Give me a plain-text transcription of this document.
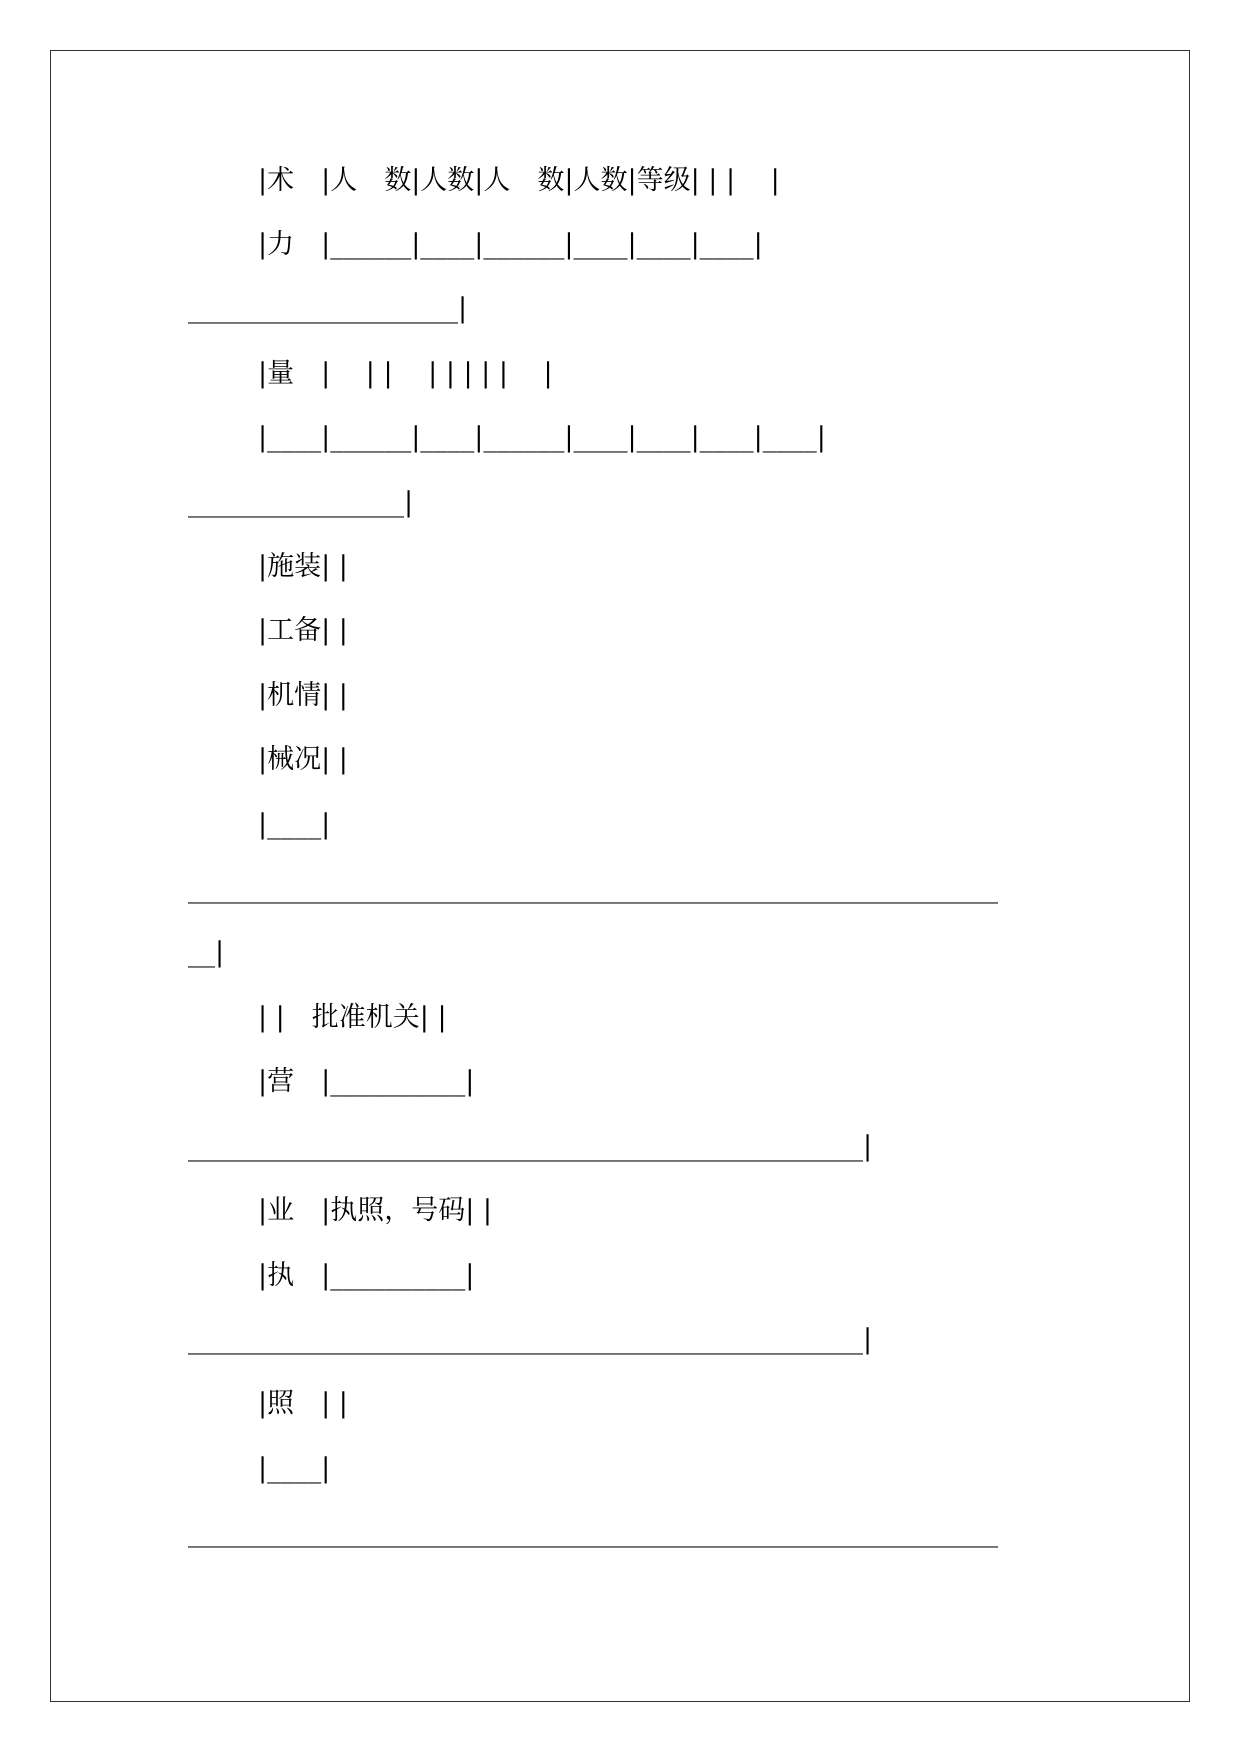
|术　|人　数|人数|人　数|人数|等级| | |　 |
|力　|______|____|______|____|____|____|
____________________|
|量　|　 | |　 | | | | |　 |
|____|______|____|______|____|____|____|____|
________________|
|施装| |
|工备| |
|机情| |
|械况| |
|____|
____________________________________________________________
__|
| |　批准机关| |
|营　|__________|
__________________________________________________|
|业　|执照，号码| |
|执　|__________|
__________________________________________________|
|照　| |
|____|
____________________________________________________________
